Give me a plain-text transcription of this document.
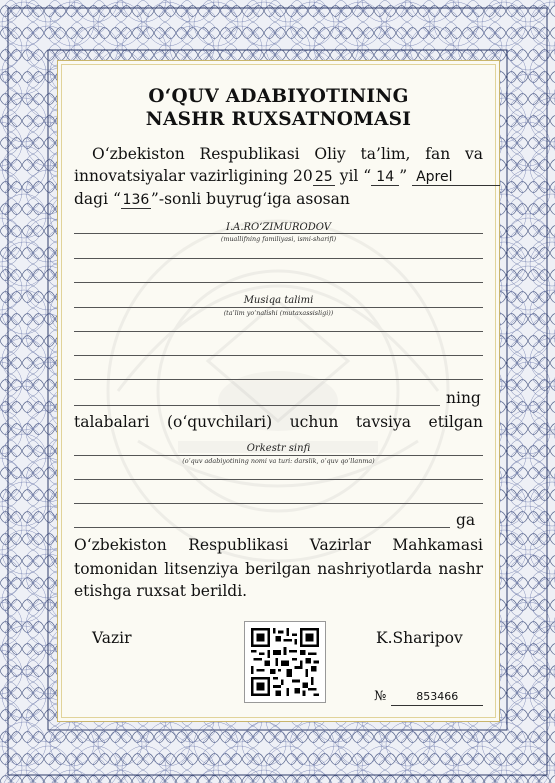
O‘QUV ADABIYOTINING
NASHR RUXSATNOMASI
O‘zbekiston Respublikasi Oliy ta’lim, fan va
innovatsiyalar vazirligining 20 25 yil “ 14 ” Aprel
dagi “ 136 ”-sonli buyrug‘iga asosan
I.A.RO‘ZIMURODOV
(muallifning familiyasi, ismi-sharifi)
Musiqa talimi
(ta’lim yo‘nalishi (mutaxassisligi))
ning
talabalari (o‘quvchilari) uchun tavsiya etilgan
Orkestr sinfi
(o‘quv adabiyotining nomi va turi: darslik, o‘quv qo‘llanma)
ga
O‘zbekiston Respublikasi Vazirlar Mahkamasi
tomonidan litsenziya berilgan nashriyotlarda nashr
etishga ruxsat berildi.
Vazir	K.Sharipov
№	853466
